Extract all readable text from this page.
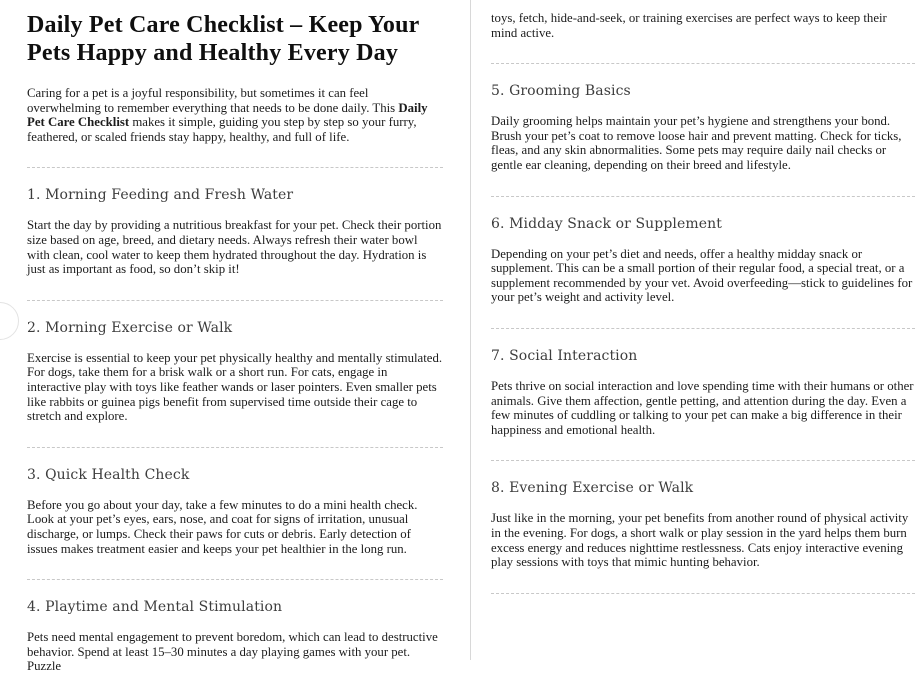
Daily Pet Care Checklist – Keep Your Pets Happy and Healthy Every Day

Caring for a pet is a joyful responsibility, but sometimes it can feel overwhelming to remember everything that needs to be done daily. This Daily Pet Care Checklist makes it simple, guiding you step by step so your furry, feathered, or scaled friends stay happy, healthy, and full of life.

1. Morning Feeding and Fresh Water

Start the day by providing a nutritious breakfast for your pet. Check their portion size based on age, breed, and dietary needs. Always refresh their water bowl with clean, cool water to keep them hydrated throughout the day. Hydration is just as important as food, so don’t skip it!

2. Morning Exercise or Walk

Exercise is essential to keep your pet physically healthy and mentally stimulated. For dogs, take them for a brisk walk or a short run. For cats, engage in interactive play with toys like feather wands or laser pointers. Even smaller pets like rabbits or guinea pigs benefit from supervised time outside their cage to stretch and explore.

3. Quick Health Check

Before you go about your day, take a few minutes to do a mini health check. Look at your pet’s eyes, ears, nose, and coat for signs of irritation, unusual discharge, or lumps. Check their paws for cuts or debris. Early detection of issues makes treatment easier and keeps your pet healthier in the long run.

4. Playtime and Mental Stimulation

Pets need mental engagement to prevent boredom, which can lead to destructive behavior. Spend at least 15–30 minutes a day playing games with your pet. Puzzle

toys, fetch, hide-and-seek, or training exercises are perfect ways to keep their mind active.

5. Grooming Basics

Daily grooming helps maintain your pet’s hygiene and strengthens your bond. Brush your pet’s coat to remove loose hair and prevent matting. Check for ticks, fleas, and any skin abnormalities. Some pets may require daily nail checks or gentle ear cleaning, depending on their breed and lifestyle.

6. Midday Snack or Supplement

Depending on your pet’s diet and needs, offer a healthy midday snack or supplement. This can be a small portion of their regular food, a special treat, or a supplement recommended by your vet. Avoid overfeeding—stick to guidelines for your pet’s weight and activity level.

7. Social Interaction

Pets thrive on social interaction and love spending time with their humans or other animals. Give them affection, gentle petting, and attention during the day. Even a few minutes of cuddling or talking to your pet can make a big difference in their happiness and emotional health.

8. Evening Exercise or Walk

Just like in the morning, your pet benefits from another round of physical activity in the evening. For dogs, a short walk or play session in the yard helps them burn excess energy and reduces nighttime restlessness. Cats enjoy interactive evening play sessions with toys that mimic hunting behavior.
